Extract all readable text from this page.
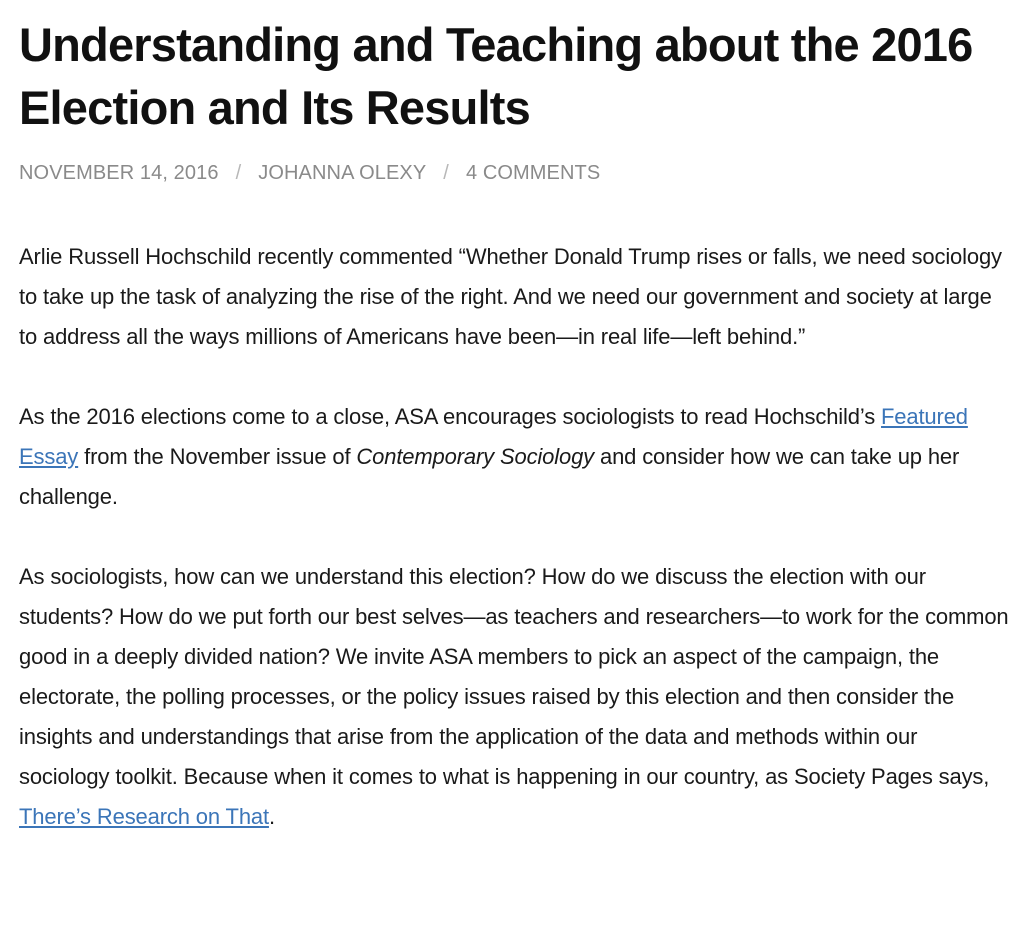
Understanding and Teaching about the 2016 Election and Its Results
NOVEMBER 14, 2016 / JOHANNA OLEXY / 4 COMMENTS

Arlie Russell Hochschild recently commented “Whether Donald Trump rises or falls, we need sociology to take up the task of analyzing the rise of the right. And we need our government and society at large to address all the ways millions of Americans have been—in real life—left behind.”

As the 2016 elections come to a close, ASA encourages sociologists to read Hochschild’s Featured Essay from the November issue of Contemporary Sociology and consider how we can take up her challenge.

As sociologists, how can we understand this election? How do we discuss the election with our students? How do we put forth our best selves—as teachers and researchers—to work for the common good in a deeply divided nation? We invite ASA members to pick an aspect of the campaign, the electorate, the polling processes, or the policy issues raised by this election and then consider the insights and understandings that arise from the application of the data and methods within our sociology toolkit. Because when it comes to what is happening in our country, as Society Pages says, There’s Research on That.
